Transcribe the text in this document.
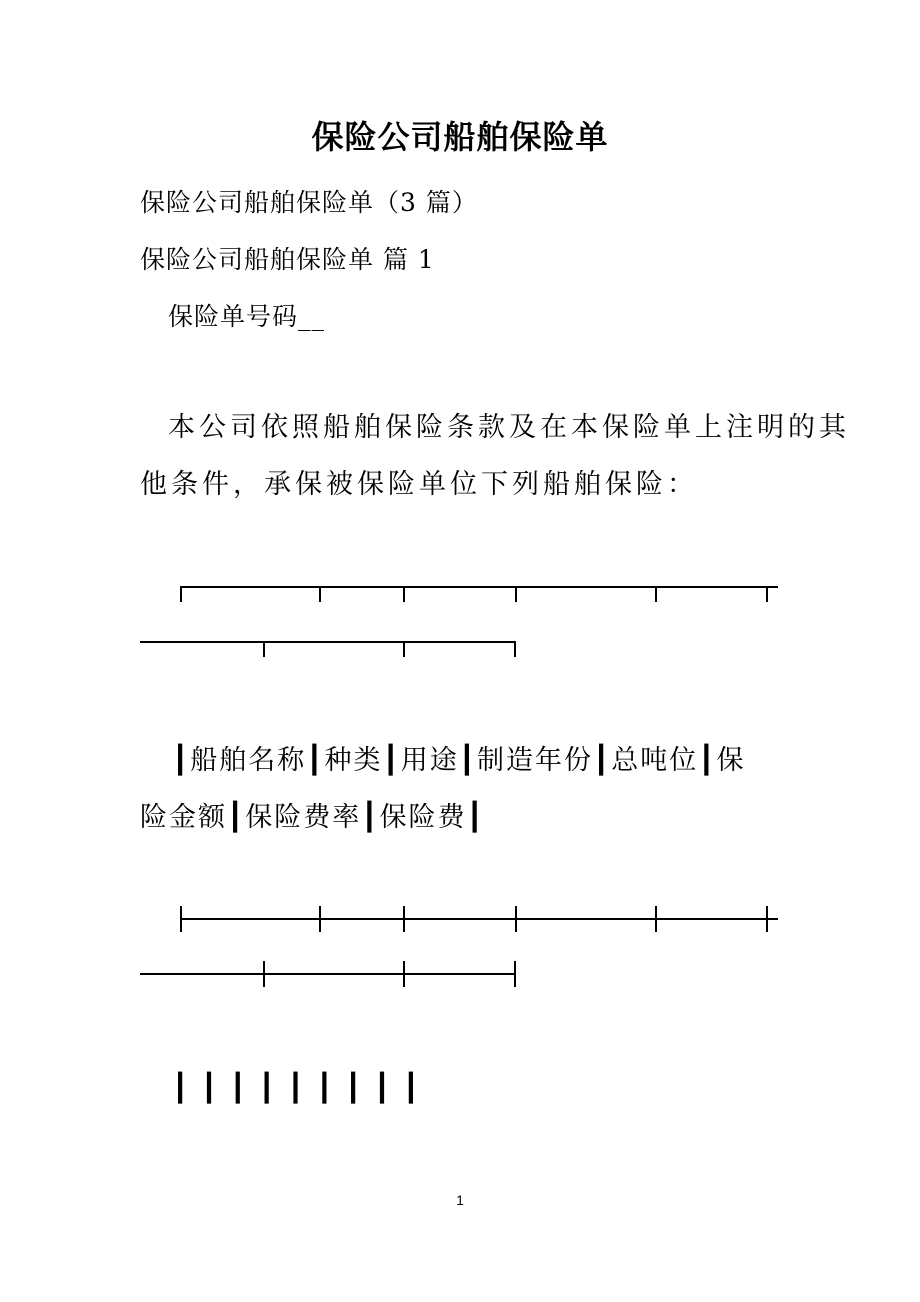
保险公司船舶保险单
保险公司船舶保险单（3 篇）
保险公司船舶保险单 篇 1
保险单号码__
本公司依照船舶保险条款及在本保险单上注明的其
他条件，承保被保险单位下列船舶保险：
┃船舶名称┃种类┃用途┃制造年份┃总吨位┃保
险金额┃保险费率┃保险费┃
┃ ┃ ┃ ┃ ┃ ┃ ┃ ┃ ┃
1
